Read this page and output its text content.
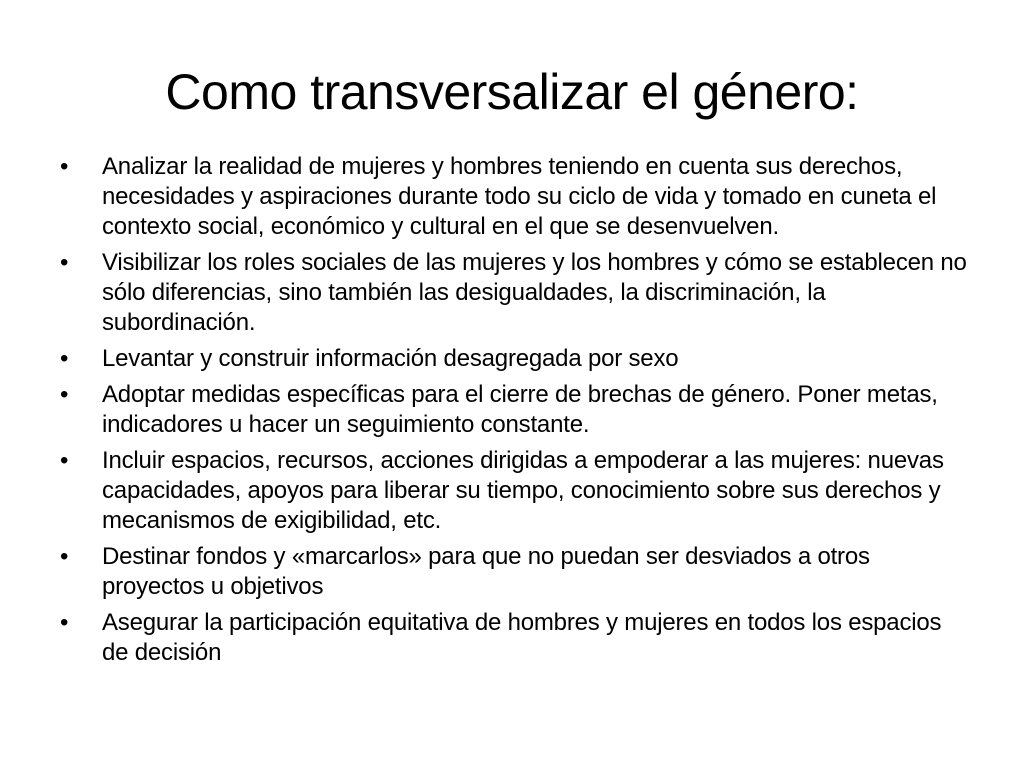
Como transversalizar el género:
•	Analizar la realidad de mujeres y hombres teniendo en cuenta sus derechos, necesidades y aspiraciones durante todo su ciclo de vida y tomado en cuneta el contexto social, económico y cultural en el que se desenvuelven.
•	Visibilizar los roles sociales de las mujeres y los hombres y cómo se establecen no sólo diferencias, sino también las desigualdades, la discriminación, la subordinación.
•	Levantar y construir información desagregada por sexo
•	Adoptar medidas específicas para el cierre de brechas de género. Poner metas, indicadores u hacer un seguimiento constante.
•	Incluir espacios, recursos, acciones dirigidas a empoderar a las mujeres: nuevas capacidades, apoyos para liberar su tiempo, conocimiento sobre sus derechos y mecanismos de exigibilidad, etc.
•	Destinar fondos y «marcarlos» para que no puedan ser desviados a otros proyectos u objetivos
•	Asegurar la participación equitativa de hombres y mujeres en todos los espacios de decisión
